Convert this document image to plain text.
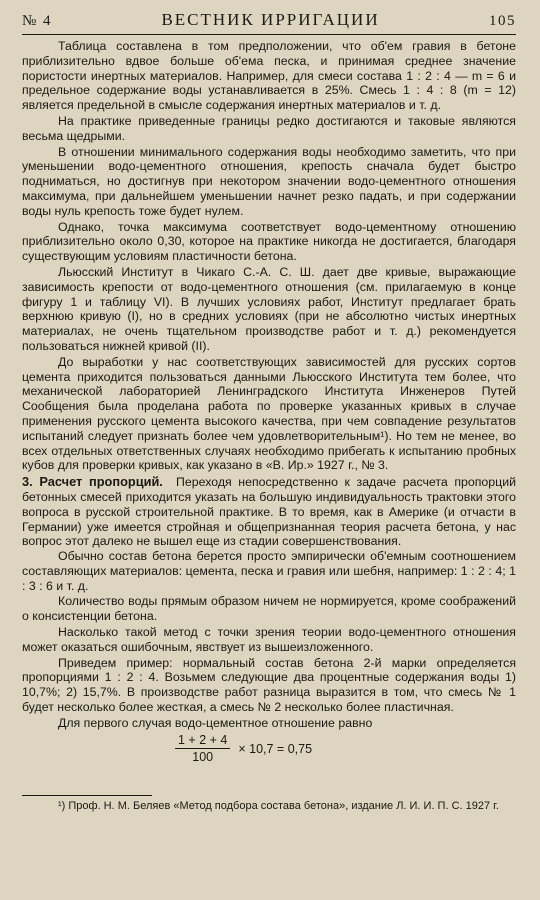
№ 4	ВЕСТНИК ИРРИГАЦИИ	105

Таблица составлена в том предположении, что об'ем гравия в бетоне приблизительно вдвое больше об'ема песка, и принимая среднее значение пористости инертных материалов. Например, для смеси состава 1 : 2 : 4 — m = 6 и предельное содержание воды устанавливается в 25%. Смесь 1 : 4 : 8 (m = 12) является предельной в смысле содержания инертных материалов и т. д.

На практике приведенные границы редко достигаются и таковые являются весьма щедрыми.

В отношении минимального содержания воды необходимо заметить, что при уменьшении водо-цементного отношения, крепость сначала будет быстро подниматься, но достигнув при некотором значении водо-цементного отношения максимума, при дальнейшем уменьшении начнет резко падать, и при содержании воды нуль крепость тоже будет нулем.

Однако, точка максимума соответствует водо-цементному отношению приблизительно около 0,30, которое на практике никогда не достигается, благодаря существующим условиям пластичности бетона.

Льюсский Институт в Чикаго С.-А. С. Ш. дает две кривые, выражающие зависимость крепости от водо-цементного отношения (см. прилагаемую в конце фигуру 1 и таблицу VI). В лучших условиях работ, Институт предлагает брать верхнюю кривую (I), но в средних условиях (при не абсолютно чистых инертных материалах, не очень тщательном производстве работ и т. д.) рекомендуется пользоваться нижней кривой (II).

До выработки у нас соответствующих зависимостей для русских сортов цемента приходится пользоваться данными Льюсского Института тем более, что механической лабораторией Ленинградского Института Инженеров Путей Сообщения была проделана работа по проверке указанных кривых в случае применения русского цемента высокого качества, при чем совпадение результатов испытаний следует признать более чем удовлетворительным¹). Но тем не менее, во всех отдельных ответственных случаях необходимо прибегать к испытанию пробных кубов для проверки кривых, как указано в «В. Ир.» 1927 г., № 3.

3. Расчет пропорций. Переходя непосредственно к задаче расчета пропорций бетонных смесей приходится указать на большую индивидуальность трактовки этого вопроса в русской строительной практике. В то время, как в Америке (и отчасти в Германии) уже имеется стройная и общепризнанная теория расчета бетона, у нас вопрос этот далеко не вышел еще из стадии совершенствования.

Обычно состав бетона берется просто эмпирически об'емным соотношением составляющих материалов: цемента, песка и гравия или шебня, например: 1 : 2 : 4; 1 : 3 : 6 и т. д.

Количество воды прямым образом ничем не нормируется, кроме соображений о консистенции бетона.

Насколько такой метод с точки зрения теории водо-цементного отношения может оказаться ошибочным, явствует из вышеизложенного.

Приведем пример: нормальный состав бетона 2-й марки определяется пропорциями 1 : 2 : 4. Возьмем следующие два процентные содержания воды 1) 10,7%; 2) 15,7%. В производстве работ разница выразится в том, что смесь № 1 будет несколько более жесткая, а смесь № 2 несколько более пластичная.

Для первого случая водо-цементное отношение равно

$\frac{1 + 2 + 4}{100} \times 10,7 = 0,75$

¹) Проф. Н. М. Беляев «Метод подбора состава бетона», издание Л. И. И. П. С. 1927 г.
